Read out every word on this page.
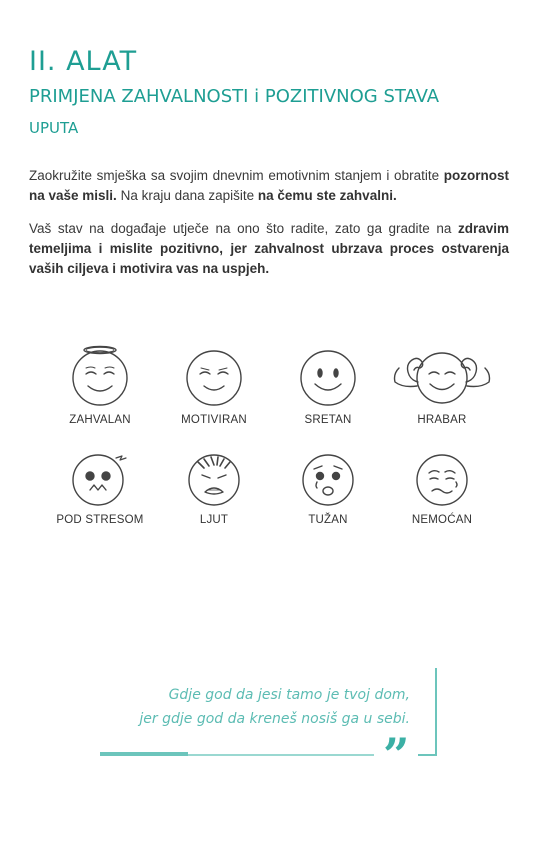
II. ALAT
PRIMJENA ZAHVALNOSTI i POZITIVNOG STAVA
UPUTA
Zaokružite smješka sa svojim dnevnim emotivnim stanjem i obratite pozornost na vaše misli. Na kraju dana zapišite na čemu ste zahvalni.
Vaš stav na događaje utječe na ono što radite, zato ga gradite na zdravim temeljima i mislite pozitivno, jer zahvalnost ubrzava proces ostvarenja vaših ciljeva i motivira vas na uspjeh.
ZAHVALAN	MOTIVIRAN	SRETAN	HRABAR
POD STRESOM	LJUT	TUŽAN	NEMOĆAN
Gdje god da jesi tamo je tvoj dom,
jer gdje god da kreneš nosiš ga u sebi.
”
